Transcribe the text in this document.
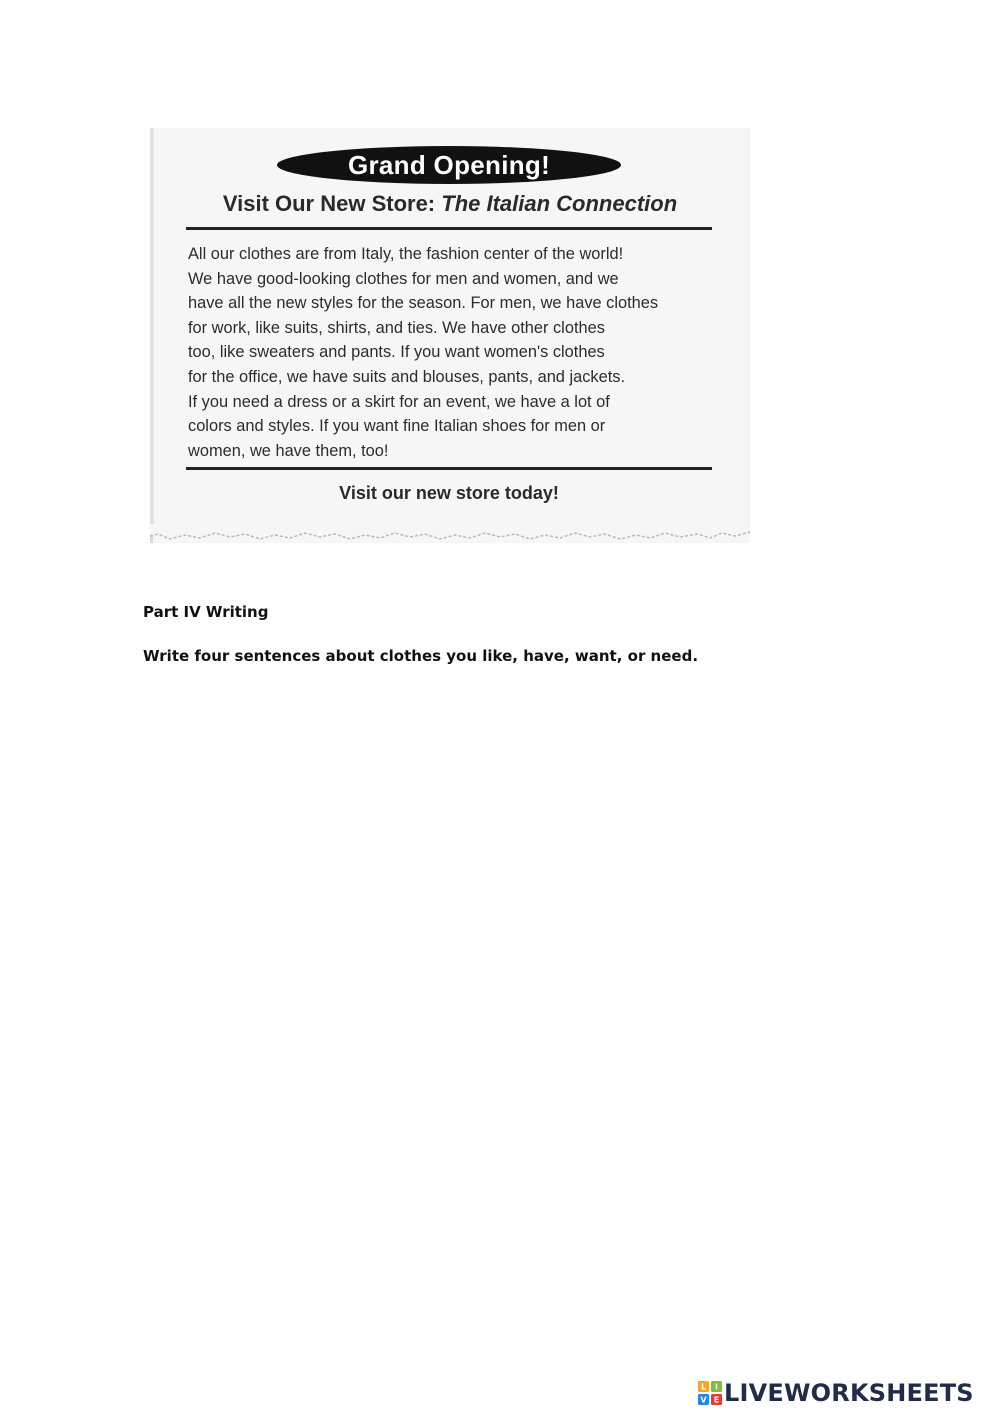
Grand Opening!
Visit Our New Store: The Italian Connection
All our clothes are from Italy, the fashion center of the world!
We have good-looking clothes for men and women, and we
have all the new styles for the season. For men, we have clothes
for work, like suits, shirts, and ties. We have other clothes
too, like sweaters and pants. If you want women's clothes
for the office, we have suits and blouses, pants, and jackets.
If you need a dress or a skirt for an event, we have a lot of
colors and styles. If you want fine Italian shoes for men or
women, we have them, too!
Visit our new store today!
Part IV Writing
Write four sentences about clothes you like, have, want, or need.
L I
V E LIVEWORKSHEETS
